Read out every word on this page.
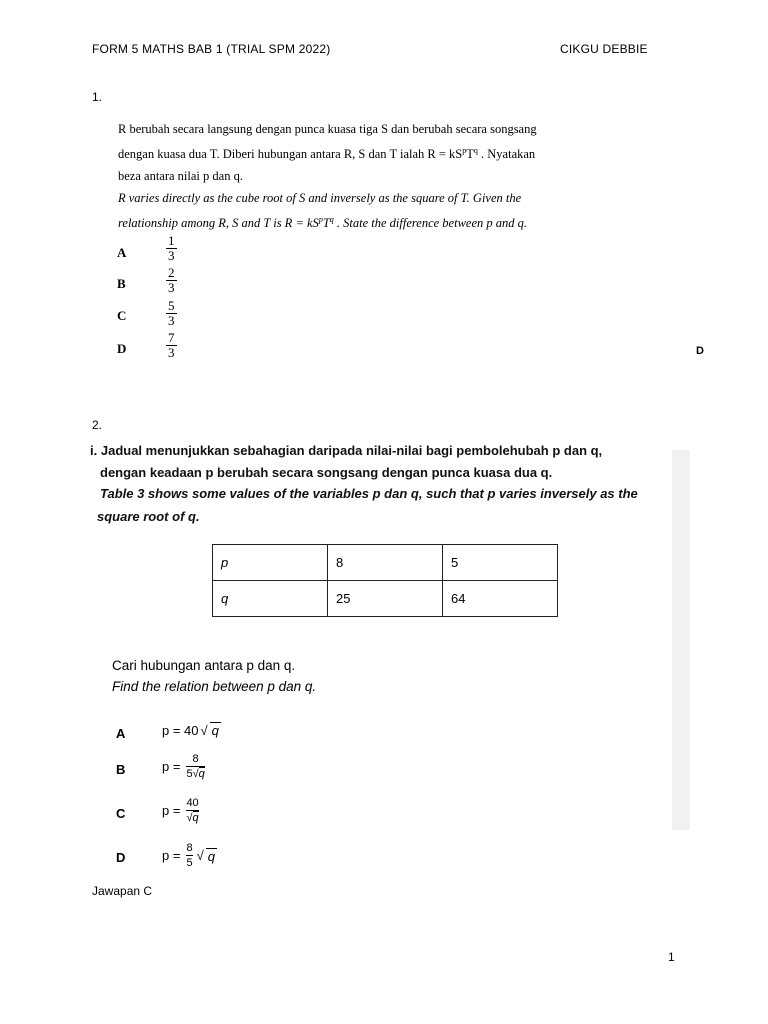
FORM 5 MATHS BAB 1 (TRIAL SPM 2022)	CIKGU DEBBIE
1.
R berubah secara langsung dengan punca kuasa tiga S dan berubah secara songsang
dengan kuasa dua T. Diberi hubungan antara R, S dan T ialah $R = kS^pT^q$ . Nyatakan
beza antara nilai p dan q.
R varies directly as the cube root of S and inversely as the square of T. Given the
relationship among R, S and T is $R = kS^pT^q$ . State the difference between p and q.
A	$\frac{1}{3}$
B	$\frac{2}{3}$
C	$\frac{5}{3}$
D	$\frac{7}{3}$	D
2.
i. Jadual menunjukkan sebahagian daripada nilai-nilai bagi pembolehubah p dan q,
dengan keadaan p berubah secara songsang dengan punca kuasa dua q.
Table 3 shows some values of the variables p dan q, such that p varies inversely as the
square root of q.
p	8	5
q	25	64
Cari hubungan antara p dan q.
Find the relation between p dan q.
A	p = 40 √ q
B	$p = \frac{8}{5√q}$
C	$p = \frac{40}{√q}$
D	$p = \frac{8}{5}$ √ q
Jawapan C
1
